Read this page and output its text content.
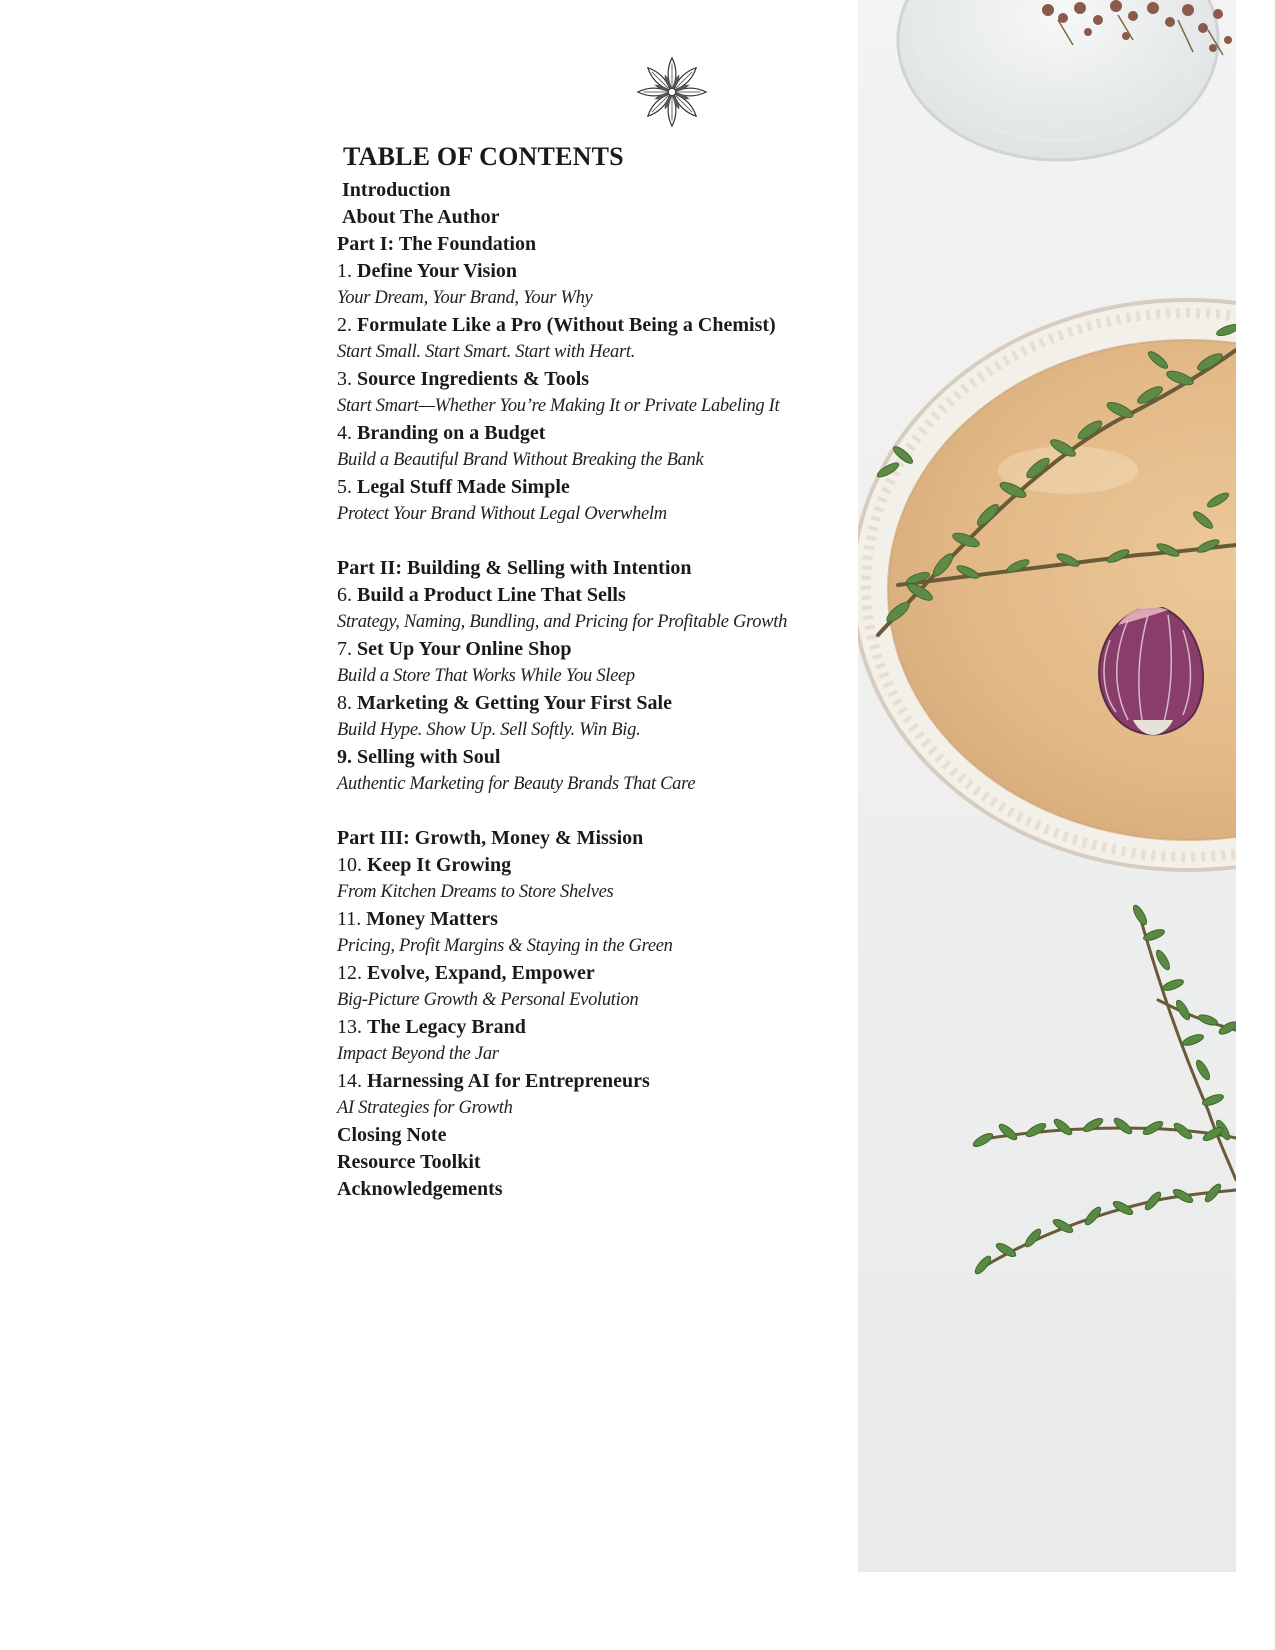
TABLE OF CONTENTS
Introduction
About The Author
Part I: The Foundation
1. Define Your Vision
Your Dream, Your Brand, Your Why
2. Formulate Like a Pro (Without Being a Chemist)
Start Small. Start Smart. Start with Heart.
3. Source Ingredients & Tools
Start Smart—Whether You’re Making It or Private Labeling It
4. Branding on a Budget
Build a Beautiful Brand Without Breaking the Bank
5. Legal Stuff Made Simple
Protect Your Brand Without Legal Overwhelm
Part II: Building & Selling with Intention
6. Build a Product Line That Sells
Strategy, Naming, Bundling, and Pricing for Profitable Growth
7. Set Up Your Online Shop
Build a Store That Works While You Sleep
8. Marketing & Getting Your First Sale
Build Hype. Show Up. Sell Softly. Win Big.
9. Selling with Soul
Authentic Marketing for Beauty Brands That Care
Part III: Growth, Money & Mission
10. Keep It Growing
From Kitchen Dreams to Store Shelves
11. Money Matters
Pricing, Profit Margins & Staying in the Green
12. Evolve, Expand, Empower
Big-Picture Growth & Personal Evolution
13. The Legacy Brand
Impact Beyond the Jar
14. Harnessing AI for Entrepreneurs
AI Strategies for Growth
Closing Note
Resource Toolkit
Acknowledgements
